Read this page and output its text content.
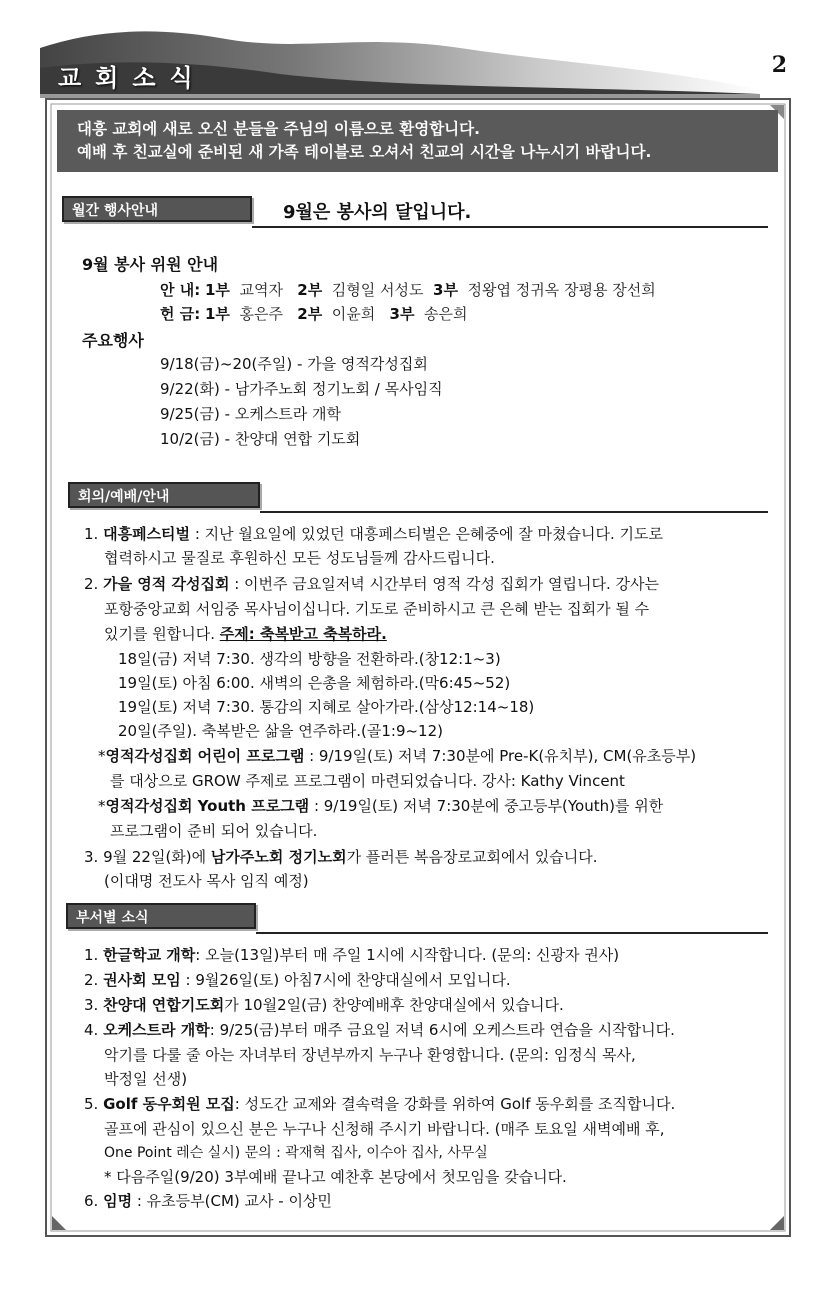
교회소식	2
대흥 교회에 새로 오신 분들을 주님의 이름으로 환영합니다.
예배 후 친교실에 준비된 새 가족 테이블로 오셔서 친교의 시간을 나누시기 바랍니다.
월간 행사안내	9월은 봉사의 달입니다.
9월 봉사 위원 안내
안 내: 1부 교역자 2부 김형일 서성도 3부 정왕엽 정귀옥 장평용 장선희
헌 금: 1부 홍은주 2부 이윤희 3부 송은희
주요행사
9/18(금)~20(주일) - 가을 영적각성집회
9/22(화) - 남가주노회 정기노회 / 목사임직
9/25(금) - 오케스트라 개학
10/2(금) - 찬양대 연합 기도회
회의/예배/안내
1. 대흥페스티벌 : 지난 월요일에 있었던 대흥페스티벌은 은혜중에 잘 마쳤습니다. 기도로
협력하시고 물질로 후원하신 모든 성도님들께 감사드립니다.
2. 가을 영적 각성집회 : 이번주 금요일저녁 시간부터 영적 각성 집회가 열립니다. 강사는
포항중앙교회 서임중 목사님이십니다. 기도로 준비하시고 큰 은혜 받는 집회가 될 수
있기를 원합니다. 주제: 축복받고 축복하라.
18일(금) 저녁 7:30. 생각의 방향을 전환하라.(창12:1~3)
19일(토) 아침 6:00. 새벽의 은총을 체험하라.(막6:45~52)
19일(토) 저녁 7:30. 통감의 지혜로 살아가라.(삼상12:14~18)
20일(주일). 축복받은 삶을 연주하라.(골1:9~12)
*영적각성집회 어린이 프로그램 : 9/19일(토) 저녁 7:30분에 Pre-K(유치부), CM(유초등부)
를 대상으로 GROW 주제로 프로그램이 마련되었습니다. 강사: Kathy Vincent
*영적각성집회 Youth 프로그램 : 9/19일(토) 저녁 7:30분에 중고등부(Youth)를 위한
프로그램이 준비 되어 있습니다.
3. 9월 22일(화)에 남가주노회 정기노회가 플러튼 복음장로교회에서 있습니다.
(이대명 전도사 목사 임직 예정)
부서별 소식
1. 한글학교 개학: 오늘(13일)부터 매 주일 1시에 시작합니다. (문의: 신광자 권사)
2. 권사회 모임 : 9월26일(토) 아침7시에 찬양대실에서 모입니다.
3. 찬양대 연합기도회가 10월2일(금) 찬양예배후 찬양대실에서 있습니다.
4. 오케스트라 개학: 9/25(금)부터 매주 금요일 저녁 6시에 오케스트라 연습을 시작합니다.
악기를 다룰 줄 아는 자녀부터 장년부까지 누구나 환영합니다. (문의: 임정식 목사,
박정일 선생)
5. Golf 동우회원 모집: 성도간 교제와 결속력을 강화를 위하여 Golf 동우회를 조직합니다.
골프에 관심이 있으신 분은 누구나 신청해 주시기 바랍니다. (매주 토요일 새벽예배 후,
One Point 레슨 실시) 문의 : 곽재혁 집사, 이수아 집사, 사무실
* 다음주일(9/20) 3부예배 끝나고 예찬후 본당에서 첫모임을 갖습니다.
6. 임명 : 유초등부(CM) 교사 - 이상민
